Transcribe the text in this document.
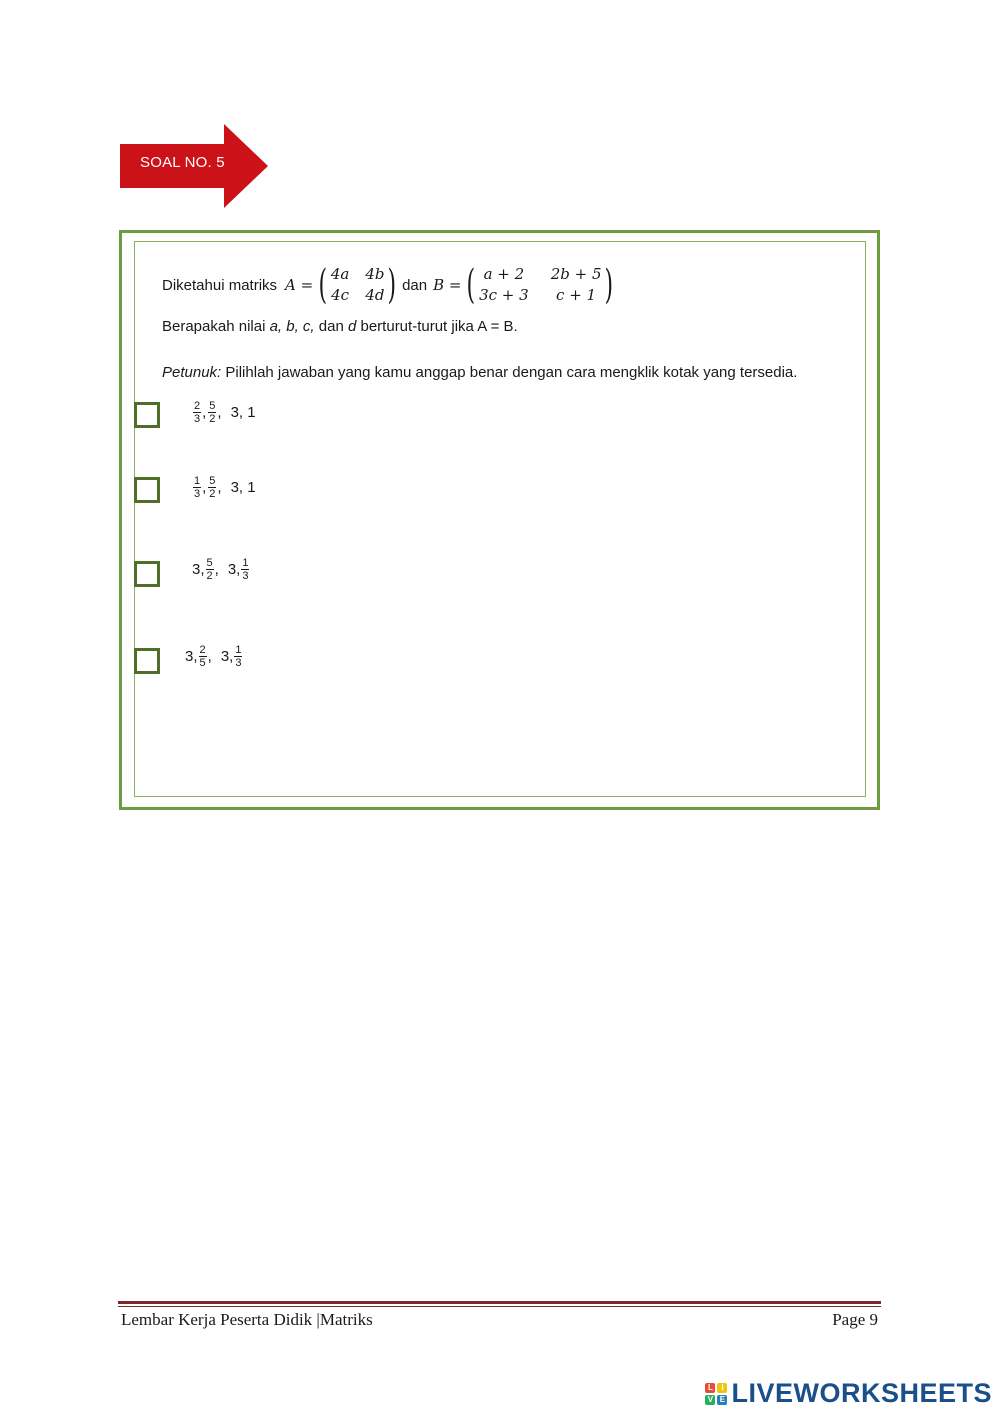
SOAL NO. 5
Diketahui matriks A = ( 4a 4b
4c 4d ) dan B = ( a + 2	2b + 5
3c + 3	c + 1 )
Berapakah nilai a, b, c, dan d berturut-turut jika A = B.
Petunuk: Pilihlah jawaban yang kamu anggap benar dengan cara mengklik kotak yang tersedia.
$\frac{2}{3}$ , $\frac{5}{2}$ , 3, 1
$\frac{1}{3}$ , $\frac{5}{2}$ , 3, 1
3, $\frac{5}{2}$ , 3, $\frac{1}{3}$
3, $\frac{2}{5}$ , 3, $\frac{1}{3}$
Lembar Kerja Peserta Didik |Matriks	Page 9
L	I
V E LIVEWORKSHEETS
